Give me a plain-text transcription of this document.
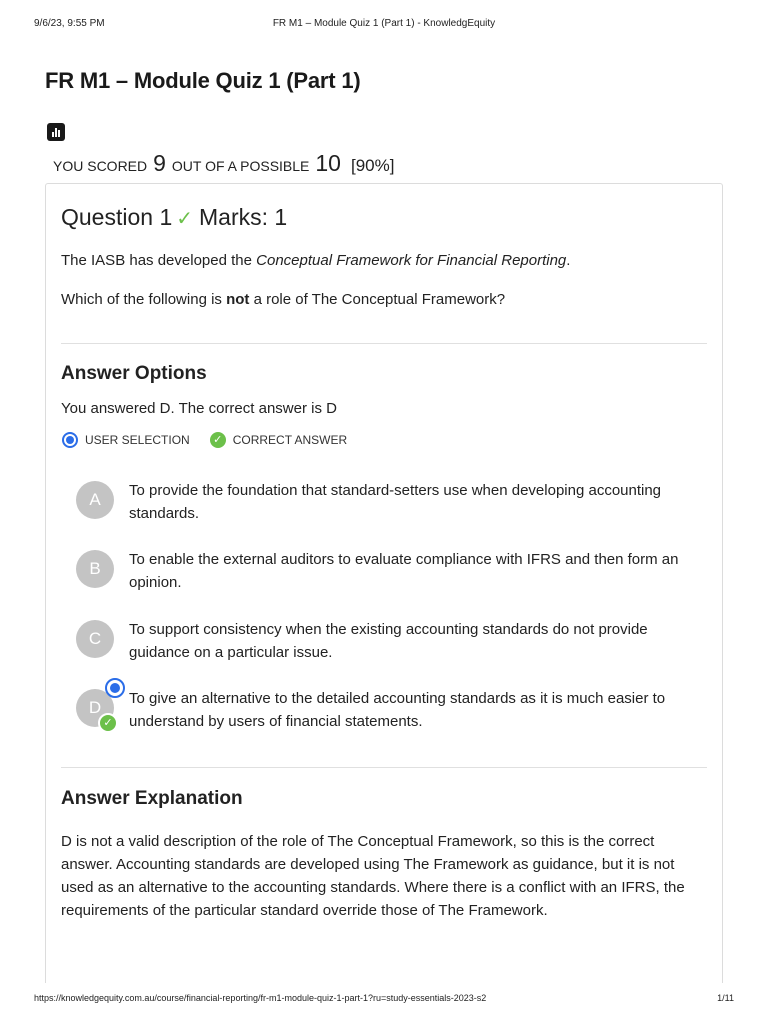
9/6/23, 9:55 PM	FR M1 – Module Quiz 1 (Part 1) - KnowledgEquity
FR M1 – Module Quiz 1 (Part 1)
YOU SCORED 9 OUT OF A POSSIBLE 10 [90%]
Question 1 ✓ Marks: 1

The IASB has developed the Conceptual Framework for Financial Reporting.

Which of the following is not a role of The Conceptual Framework?

Answer Options

You answered D. The correct answer is D

USER SELECTION	✓ CORRECT ANSWER
A	To provide the foundation that standard-setters use when developing accounting standards.

B	To enable the external auditors to evaluate compliance with IFRS and then form an opinion.

C	To support consistency when the existing accounting standards do not provide guidance on a particular issue.

D
✓

To give an alternative to the detailed accounting standards as it is much easier to understand by users of financial statements.

Answer Explanation

D is not a valid description of the role of The Conceptual Framework, so this is the correct answer. Accounting standards are developed using The Framework as guidance, but it is not used as an alternative to the accounting standards. Where there is a conflict with an IFRS, the requirements of the particular standard override those of The Framework.

https://knowledgequity.com.au/course/financial-reporting/fr-m1-module-quiz-1-part-1?ru=study-essentials-2023-s2	1/11
